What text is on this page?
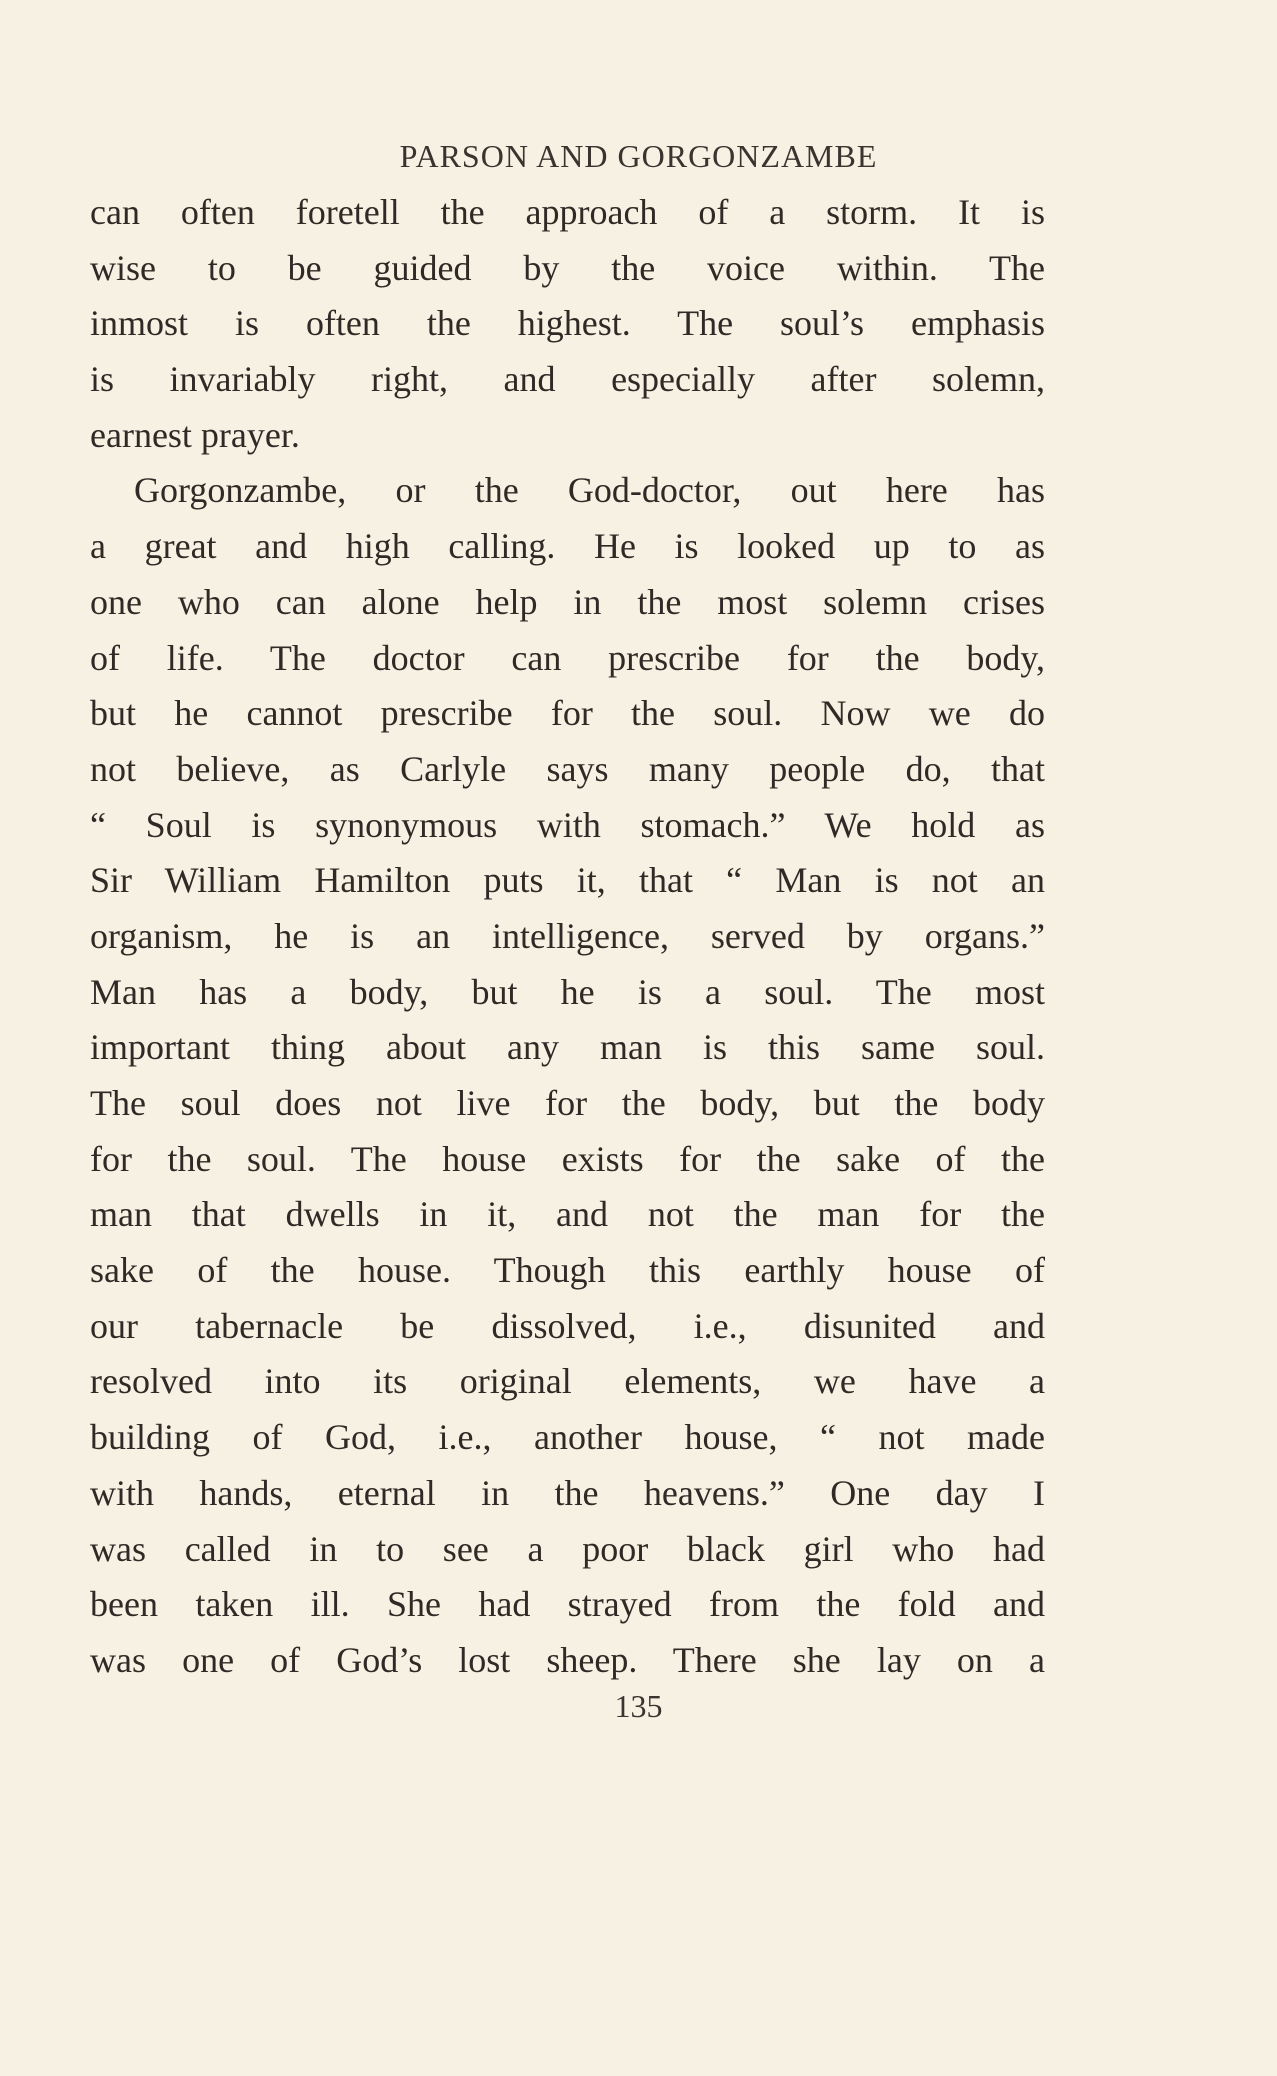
PARSON AND GORGONZAMBE
can often foretell the approach of a storm. It is
wise to be guided by the voice within. The
inmost is often the highest. The soul’s emphasis
is invariably right, and especially after solemn,
earnest prayer.
Gorgonzambe, or the God-doctor, out here has
a great and high calling. He is looked up to as
one who can alone help in the most solemn crises
of life. The doctor can prescribe for the body,
but he cannot prescribe for the soul. Now we do
not believe, as Carlyle says many people do, that
“ Soul is synonymous with stomach.” We hold as
Sir William Hamilton puts it, that “ Man is not an
organism, he is an intelligence, served by organs.”
Man has a body, but he is a soul. The most
important thing about any man is this same soul.
The soul does not live for the body, but the body
for the soul. The house exists for the sake of the
man that dwells in it, and not the man for the
sake of the house. Though this earthly house of
our tabernacle be dissolved, i.e., disunited and
resolved into its original elements, we have a
building of God, i.e., another house, “ not made
with hands, eternal in the heavens.” One day I
was called in to see a poor black girl who had
been taken ill. She had strayed from the fold and
was one of God’s lost sheep. There she lay on a
135
